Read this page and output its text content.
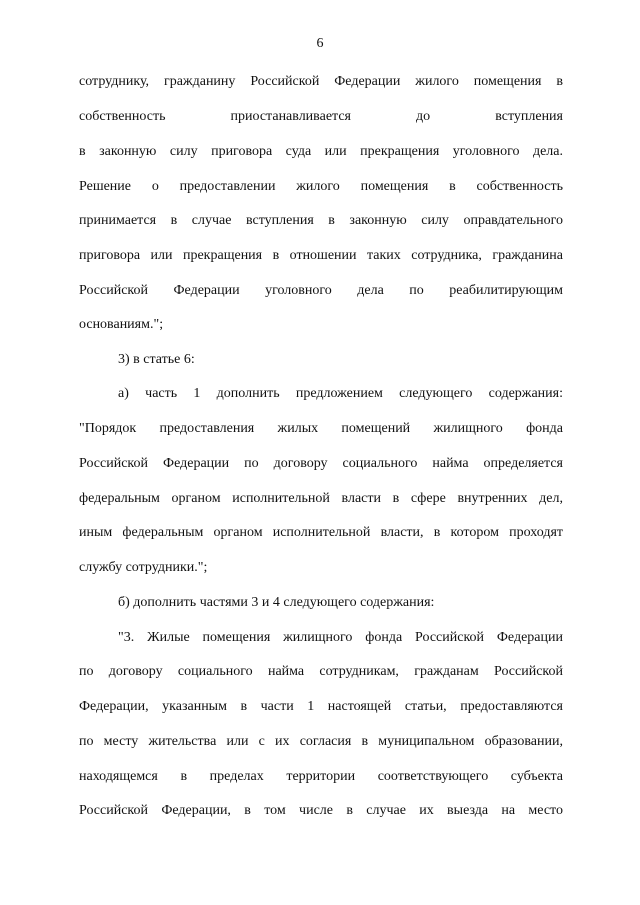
6
сотруднику, гражданину Российской Федерации жилого помещения в
собственность приостанавливается до вступления
в законную силу приговора суда или прекращения уголовного дела.
Решение о предоставлении жилого помещения в собственность
принимается в случае вступления в законную силу оправдательного
приговора или прекращения в отношении таких сотрудника, гражданина
Российской Федерации уголовного дела по реабилитирующим
основаниям.";
3) в статье 6:
а) часть 1 дополнить предложением следующего содержания:
"Порядок предоставления жилых помещений жилищного фонда
Российской Федерации по договору социального найма определяется
федеральным органом исполнительной власти в сфере внутренних дел,
иным федеральным органом исполнительной власти, в котором проходят
службу сотрудники.";
б) дополнить частями 3 и 4 следующего содержания:
"3. Жилые помещения жилищного фонда Российской Федерации
по договору социального найма сотрудникам, гражданам Российской
Федерации, указанным в части 1 настоящей статьи, предоставляются
по месту жительства или с их согласия в муниципальном образовании,
находящемся в пределах территории соответствующего субъекта
Российской Федерации, в том числе в случае их выезда на место
